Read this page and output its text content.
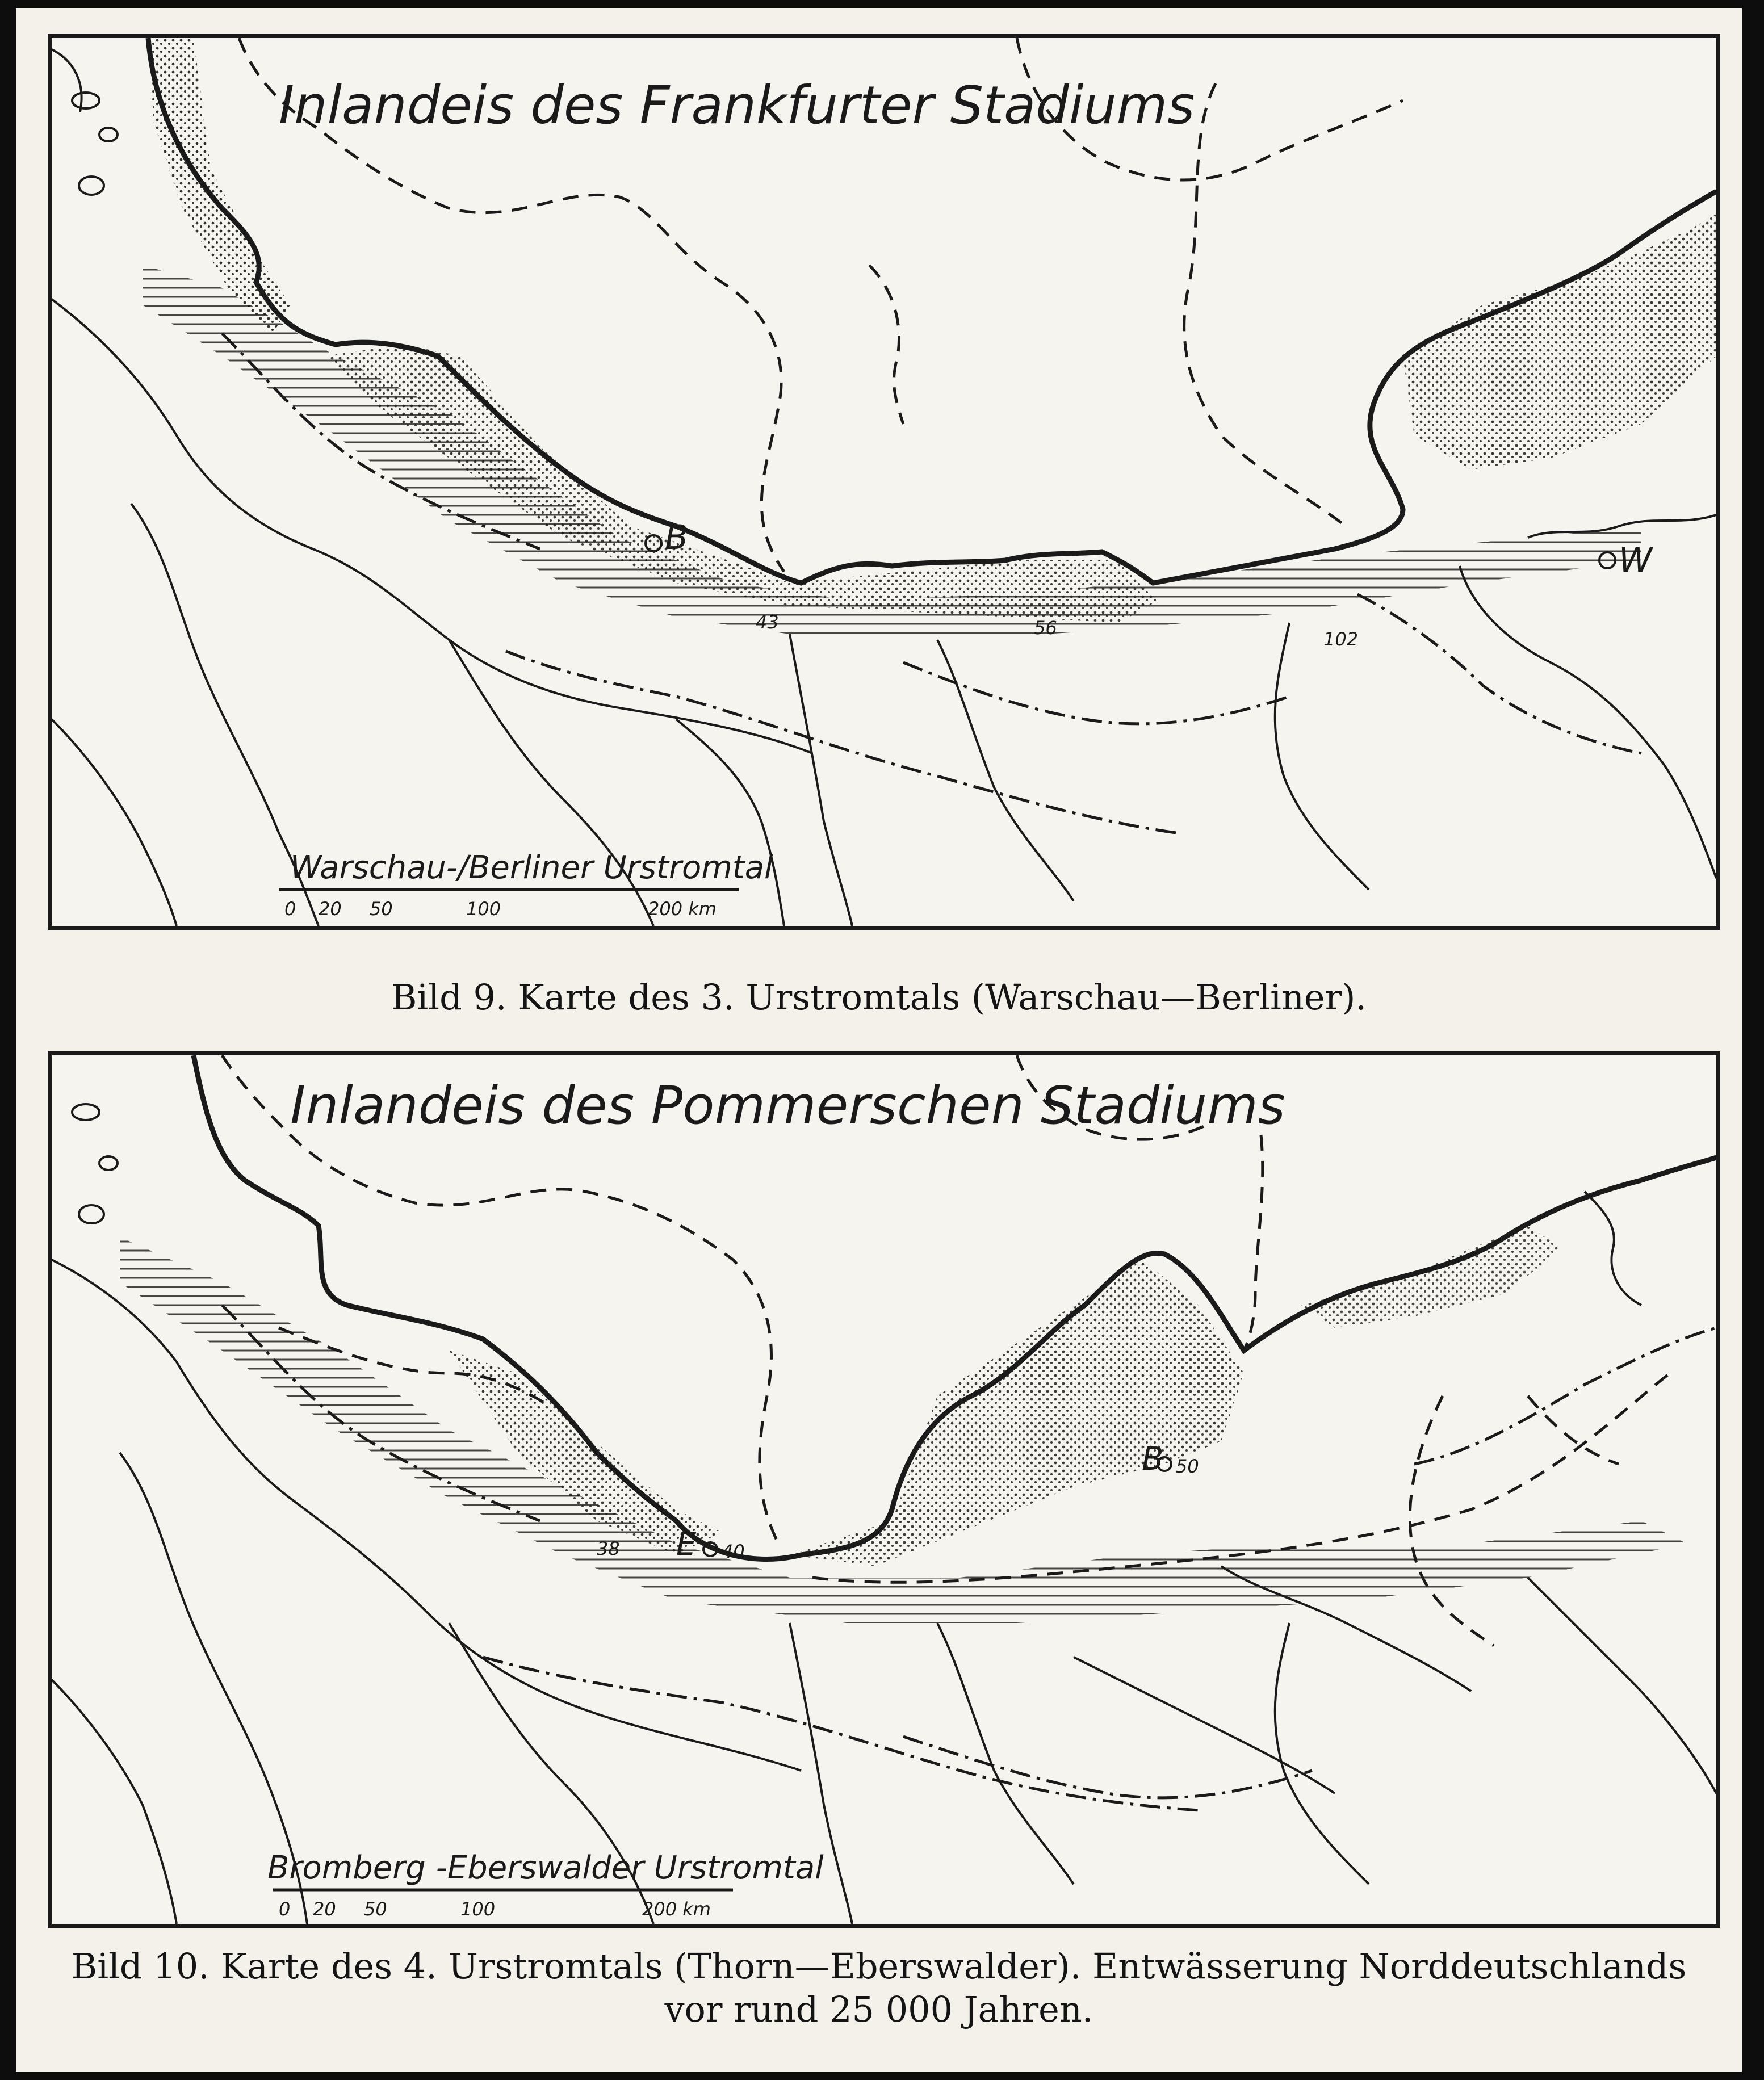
Inlandeis des Frankfurter Stadiums
B
W
43	56
102
Warschau-/Berliner Urstromtal
0 20 50	100	200 km
Bild 9. Karte des 3. Urstromtals (Warschau—Berliner).
Inlandeis des Pommerschen Stadiums
E
B
38	40
50
Bromberg -Eberswalder Urstromtal
0 20 50	100	200 km
Bild 10. Karte des 4. Urstromtals (Thorn—Eberswalder). Entwässerung Norddeutschlands
vor rund 25 000 Jahren.
